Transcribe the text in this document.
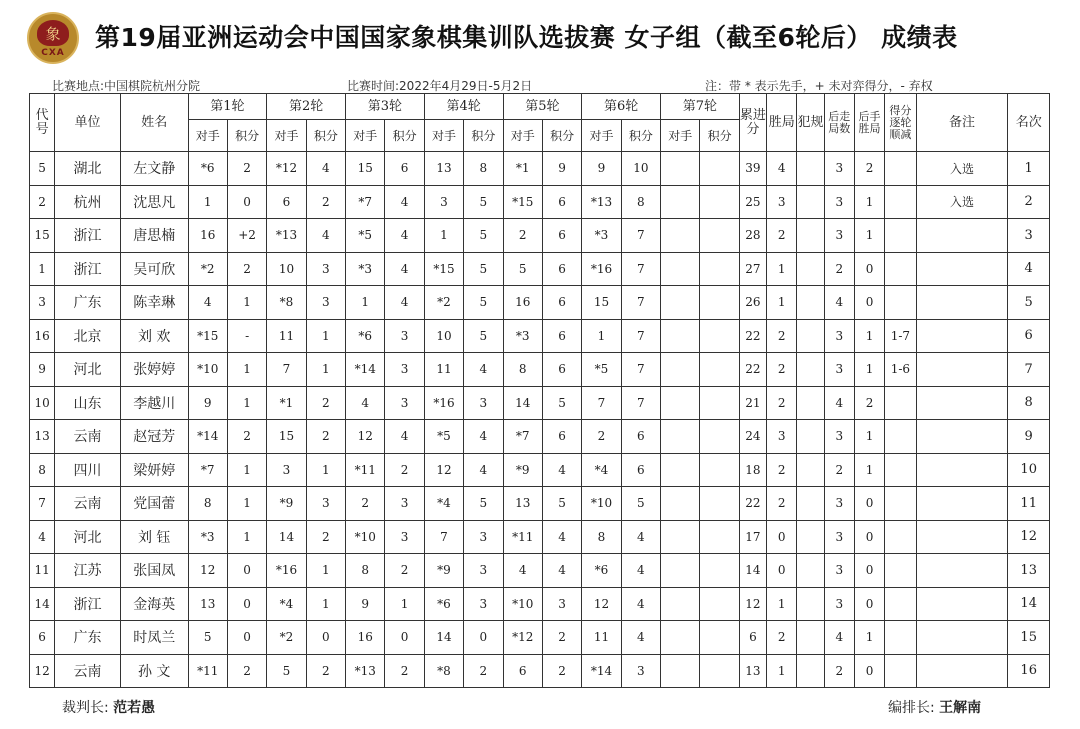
象
CXA
第19届亚洲运动会中国国家象棋集训队选拔赛 女子组（截至6轮后） 成绩表
比赛地点:中国棋院杭州分院	比赛时间:2022年4月29日-5月2日	注：带 * 表示先手，+ 未对弈得分，- 弃权
代号	单位	姓名	第1轮		第2轮		第3轮		第4轮		第5轮		第6轮		第7轮		累进分	胜局	犯规	后走局数	后手胜局	得分逐轮顺减	备注	名次
			对手	积分	对手	积分	对手	积分	对手	积分	对手	积分	对手	积分	对手	积分								
5	湖北	左文静	*6	2	*12	4	15	6	13	8	*1	9	9	10			39	4		3	2		入选	1
2	杭州	沈思凡	1	0	6	2	*7	4	3	5	*15	6	*13	8			25	3		3	1		入选	2
15	浙江	唐思楠	16	+2	*13	4	*5	4	1	5	2	6	*3	7			28	2		3	1			3
1	浙江	吴可欣	*2	2	10	3	*3	4	*15	5	5	6	*16	7			27	1		2	0			4
3	广东	陈幸琳	4	1	*8	3	1	4	*2	5	16	6	15	7			26	1		4	0			5
16	北京	刘 欢	*15	-	11	1	*6	3	10	5	*3	6	1	7			22	2		3	1	1-7		6
9	河北	张婷婷	*10	1	7	1	*14	3	11	4	8	6	*5	7			22	2		3	1	1-6		7
10	山东	李越川	9	1	*1	2	4	3	*16	3	14	5	7	7			21	2		4	2			8
13	云南	赵冠芳	*14	2	15	2	12	4	*5	4	*7	6	2	6			24	3		3	1			9
8	四川	梁妍婷	*7	1	3	1	*11	2	12	4	*9	4	*4	6			18	2		2	1			10
7	云南	党国蕾	8	1	*9	3	2	3	*4	5	13	5	*10	5			22	2		3	0			11
4	河北	刘 钰	*3	1	14	2	*10	3	7	3	*11	4	8	4			17	0		3	0			12
11	江苏	张国凤	12	0	*16	1	8	2	*9	3	4	4	*6	4			14	0		3	0			13
14	浙江	金海英	13	0	*4	1	9	1	*6	3	*10	3	12	4			12	1		3	0			14
6	广东	时凤兰	5	0	*2	0	16	0	14	0	*12	2	11	4			6	2		4	1			15
12	云南	孙 文	*11	2	5	2	*13	2	*8	2	6	2	*14	3			13	1		2	0			16
裁判长: 范若愚	编排长: 王解南
